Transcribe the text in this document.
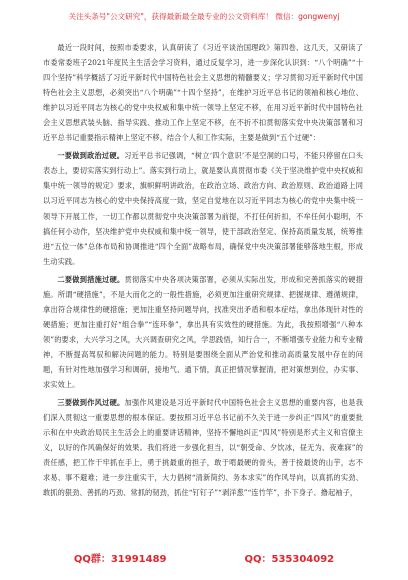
关注头条号"公文研究"，获得最新最全最专业的公文资料库！ 微信：gongwenyj

最近一段时间，按照市委要求，认真研读了《习近平谈治国理政》第四卷、这几天，又研读了市委常委班子2021年度民主生活会学习资料，通过反复学习，进一步深化认识到：“八个明确”“十四个坚持”科学概括了习近平新时代中国特色社会主义思想的精髓要义；学习贯彻习近平新时代中国特色社会主义思想，必须突出“八个明确”“十四个坚持”，在维护习近平总书记的领袖和核心地位、维护以习近平同志为核心的党中央权威和集中统一领导上坚定不移，在用习近平新时代中国特色社会主义思想武装头脑、指导实践、推动工作上坚定不移，在不折不扣贯彻落实党中央决策部署和习近平总书记重要指示精神上坚定不移。结合个人和工作实际，主要是做到“五个过硬”：

一要做到政治过硬。习近平总书记强调，“树立‘四个意识’不是空洞的口号，不能只停留在口头表态上，要切实落实到行动上”。落实到行动上，就是要认真贯彻市委《关于坚决维护党中央权威和集中统一领导的规定》要求，旗帜鲜明讲政治，在政治立场、政治方向、政治原则、政治道路上同以习近平同志为核心的党中央保持高度一致，坚定自觉地在以习近平同志为核心的党中央集中统一领导下开展工作，一切工作都以贯彻党中央决策部署为前提，不打任何折扣，不牟任何小聪明，不搞任何小动作，坚决维护党中央权威和集中统一领导，使干部政治坚定、保持高质量发展，统筹推进“五位一体”总体布局和协调推进“四个全面”战略布局，确保党中央决策部署能够落地生根，形成生动实践。

二要做到措施过硬。贯彻落实中央各项决策部署，必须从实际出发，形成和完善抓落实的硬措施。所谓“硬措施”，不是大而化之的一般性措施，必须更加注重研究规律、把握规律、遵循规律，拿出符合规律性的硬措施；更加注重坚持问题导向，找准突出矛盾和根本症结，拿出体现针对性的硬措施；更加注重打好“组合拳”“连环拳”，拿出具有实效性的硬措施。为此，我按照增强“八种本领”的要求，大兴学习之风，大兴调查研究之风，学思践悟，知行合一，不断增强专业能力和专业精神，不断提高驾驭和解决问题的能力。特别是要围绕全面从严治党和推动高质量发展中存在的问题，有针对性地加强学习和调研，接地气、通下情，真正把情况掌握清，把对策想到位，办实事、求实效上。

三要做到作风过硬。加强作风建设是习近平新时代中国特色社会主义思想的重要内容，也是我们深入贯彻这一重要思想的根本保证。要按照习近平总书记前不久关于进一步纠正“四风”的重要批示和在中央政治局民主生活会上的重要讲话精神，坚持不懈地纠正“四风”特别是形式主义和官僚主义，以好的作风确保好的效果。我们将进一步强化担当，以“朝受命、夕饮冰，昼无为、夜难寐”的责任感，把工作干牢抓在手上，勇于挑最重的担子，敢于啃最硬的骨头，善于接最烫的山芋，志不求易、事不避难；进一步注重实干，大力倡树“清新简约、务本求实”的作风导向，以真抓的实劲、敢抓的狠劲、善抓的巧劲、常抓的韧劲，抓住“钉钉子”“剥洋葱”“连竹竿”，扑下身子、撸起袖子，

QQ群：31991489	QQ：535304092
